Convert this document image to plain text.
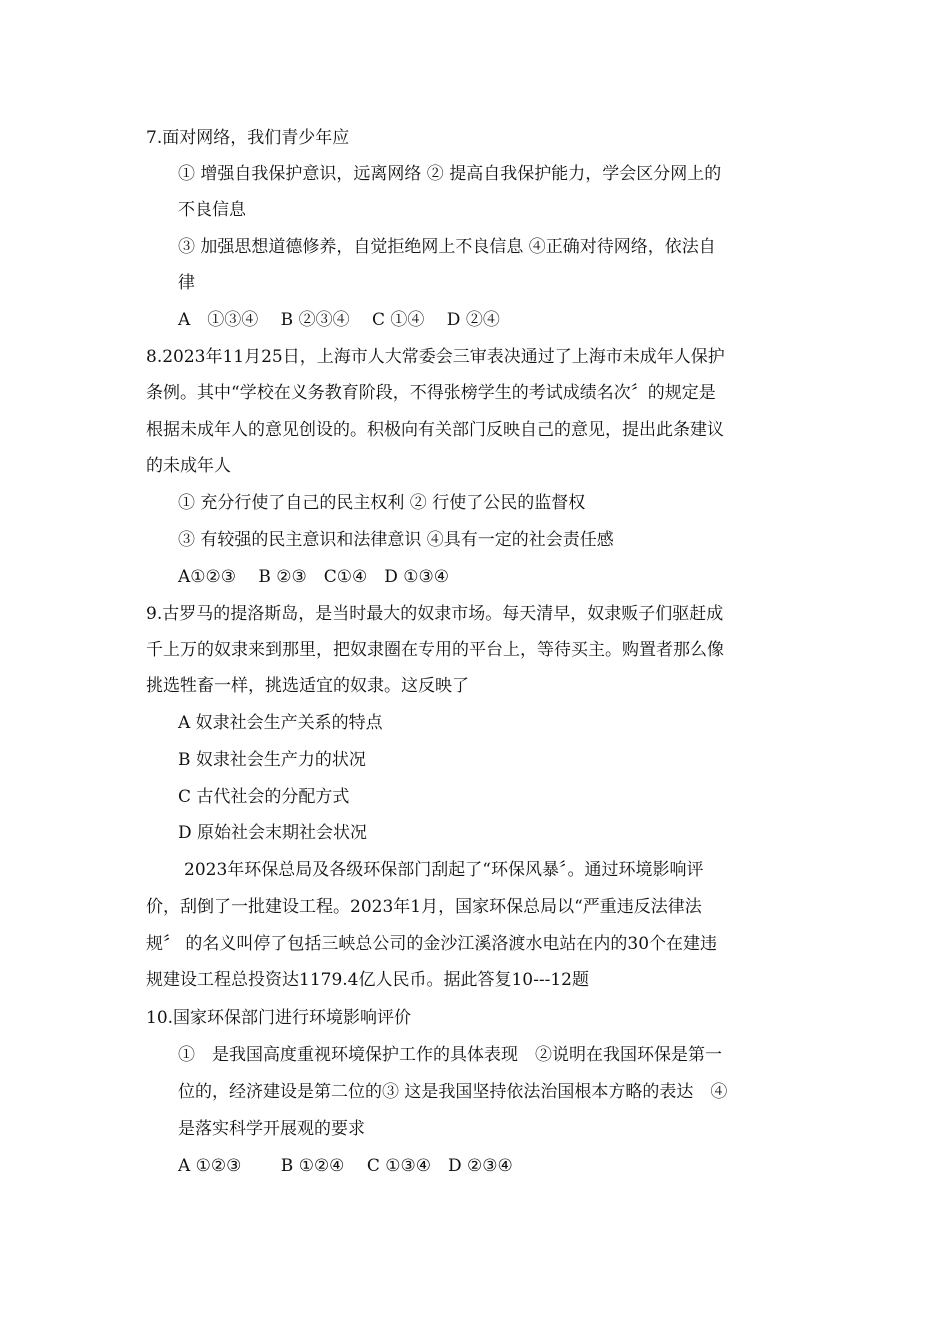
7.面对网络，我们青少年应
① 增强自我保护意识，远离网络 ② 提高自我保护能力，学会区分网上的
不良信息
③ 加强思想道德修养，自觉拒绝网上不良信息 ④正确对待网络，依法自
律
A　①③④　 B ②③④　 C ①④　 D ②④
8.2023年11月25日，上海市人大常委会三审表决通过了上海市未成年人保护
条例。其中“学校在义务教育阶段，不得张榜学生的考试成绩名次〞的规定是
根据未成年人的意见创设的。积极向有关部门反映自己的意见，提出此条建议
的未成年人
① 充分行使了自己的民主权利 ② 行使了公民的监督权
③ 有较强的民主意识和法律意识 ④具有一定的社会责任感
A①②③　 B ②③　C①④　D ①③④
9.古罗马的提洛斯岛，是当时最大的奴隶市场。每天清早，奴隶贩子们驱赶成
千上万的奴隶来到那里，把奴隶圈在专用的平台上，等待买主。购置者那么像
挑选牲畜一样，挑选适宜的奴隶。这反映了
A 奴隶社会生产关系的特点
B 奴隶社会生产力的状况
C 古代社会的分配方式
D 原始社会末期社会状况
2023年环保总局及各级环保部门刮起了“环保风暴〞。通过环境影响评
价，刮倒了一批建设工程。2023年1月，国家环保总局以“严重违反法律法
规〞 的名义叫停了包括三峡总公司的金沙江溪洛渡水电站在内的30个在建违
规建设工程总投资达1179.4亿人民币。据此答复10---12题
10.国家环保部门进行环境影响评价
①　是我国高度重视环境保护工作的具体表现　②说明在我国环保是第一
位的，经济建设是第二位的③ 这是我国坚持依法治国根本方略的表达　④
是落实科学开展观的要求
A ①②③　　 B ①②④　 C ①③④　D ②③④
